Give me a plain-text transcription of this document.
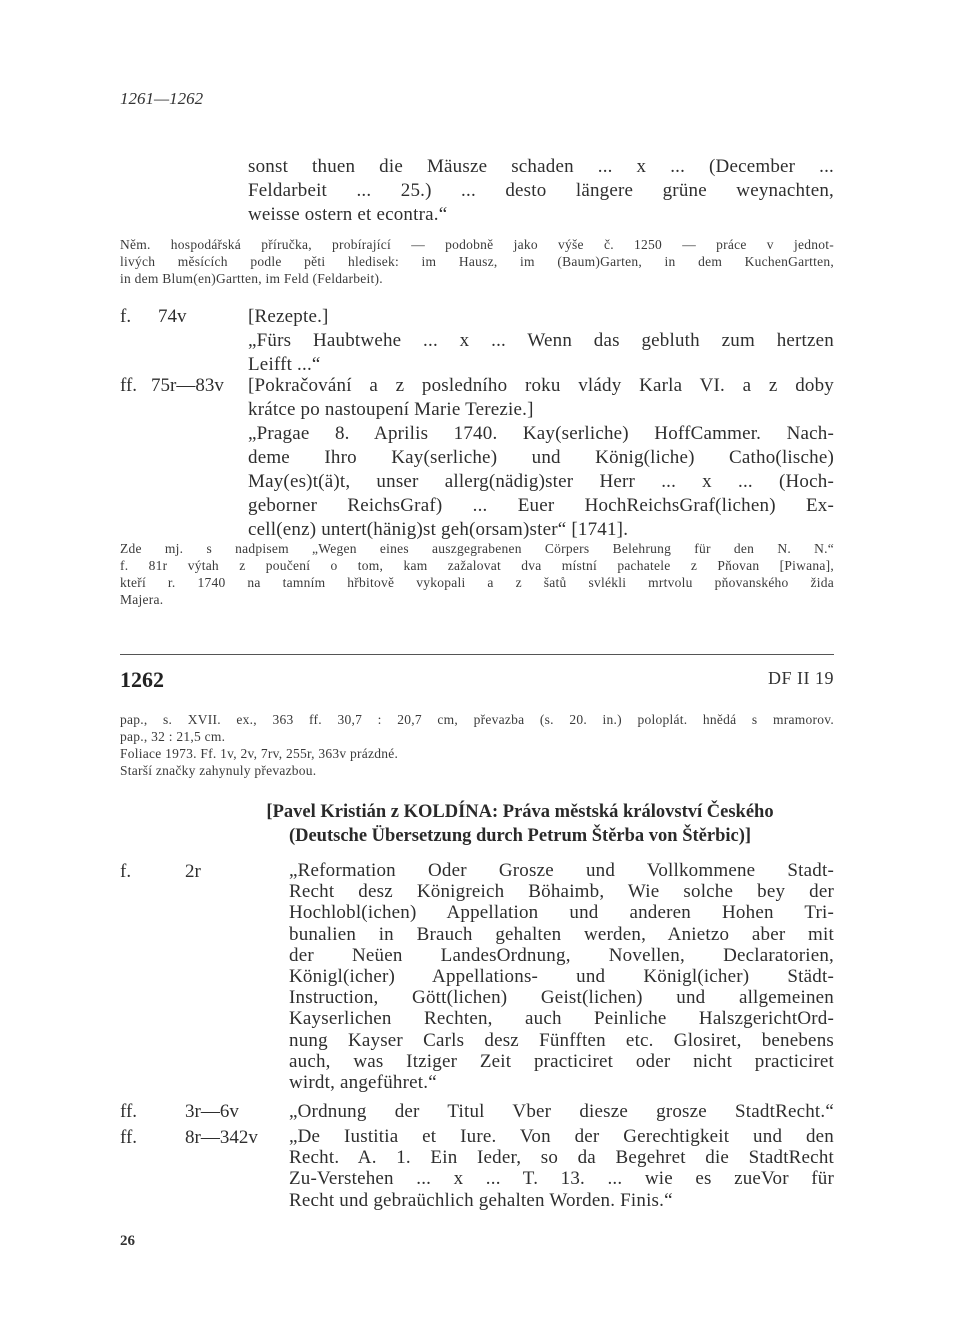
1261—1262
sonst thuen die Mäusze schaden ... x ... (December ...
Feldarbeit ... 25.) ... desto längere grüne weynachten,
weisse ostern et econtra.“
Něm. hospodářská příručka, probírající — podobně jako výše č. 1250 — práce v jednot-
livých měsících podle pěti hledisek: im Hausz, im (Baum)Garten, in dem KuchenGartten,
in dem Blum(en)Gartten, im Feld (Feldarbeit).
f. 74v	[Rezepte.]
„Fürs Haubtwehe ... x ... Wenn das gebluth zum hertzen
Leifft ...“
ff. 75r—83v [Pokračování a z posledního roku vlády Karla VI. a z doby
krátce po nastoupení Marie Terezie.]
„Pragae 8. Aprilis 1740. Kay(serliche) HoffCammer. Nach-
deme Ihro Kay(serliche) und König(liche) Catho(lische)
May(es)t(ä)t, unser allerg(nädig)ster Herr ... x ... (Hoch-
geborner ReichsGraf) ... Euer HochReichsGraf(lichen) Ex-
cell(enz) untert(hänig)st geh(orsam)ster“ [1741].
Zde mj. s nadpisem „Wegen eines auszgegrabenen Cörpers Belehrung für den N. N.“
f. 81r výtah z poučení o tom, kam zažalovat dva místní pachatele z Pňovan [Piwana],
kteří r. 1740 na tamním hřbitově vykopali a z šatů svlékli mrtvolu pňovanského žida
Majera.
1262	DF II 19
pap., s. XVII. ex., 363 ff. 30,7 : 20,7 cm, převazba (s. 20. in.) poloplát. hnědá s mramorov.
pap., 32 : 21,5 cm.
Foliace 1973. Ff. 1v, 2v, 7rv, 255r, 363v prázdné.
Starší značky zahynuly převazbou.
[Pavel Kristián z KOLDÍNA: Práva městská království Českého
(Deutsche Übersetzung durch Petrum Štěrba von Štěrbic)]
f.	2r	„Reformation Oder Grosze und Vollkommene Stadt-
Recht desz Königreich Böhaimb, Wie solche bey der
Hochlobl(ichen) Appellation und anderen Hohen Tri-
bunalien in Brauch gehalten werden, Anietzo aber mit
der Neüen LandesOrdnung, Novellen, Declaratorien,
Königl(icher) Appellations- und Königl(icher) Städt-
Instruction, Gött(lichen) Geist(lichen) und allgemeinen
Kayserlichen Rechten, auch Peinliche HalszgerichtOrd-
nung Kayser Carls desz Fünfften etc. Glosiret, benebens
auch, was Itziger Zeit practiciret oder nicht practiciret
wirdt, angeführet.“
ff.	3r—6v	„Ordnung der Titul Vber diesze grosze StadtRecht.“
ff.	8r—342v „De Iustitia et Iure. Von der Gerechtigkeit und den
Recht. A. 1. Ein Ieder, so da Begehret die StadtRecht
Zu-Verstehen ... x ... T. 13. ... wie es zueVor für
Recht und gebraüchlich gehalten Worden. Finis.“
26
